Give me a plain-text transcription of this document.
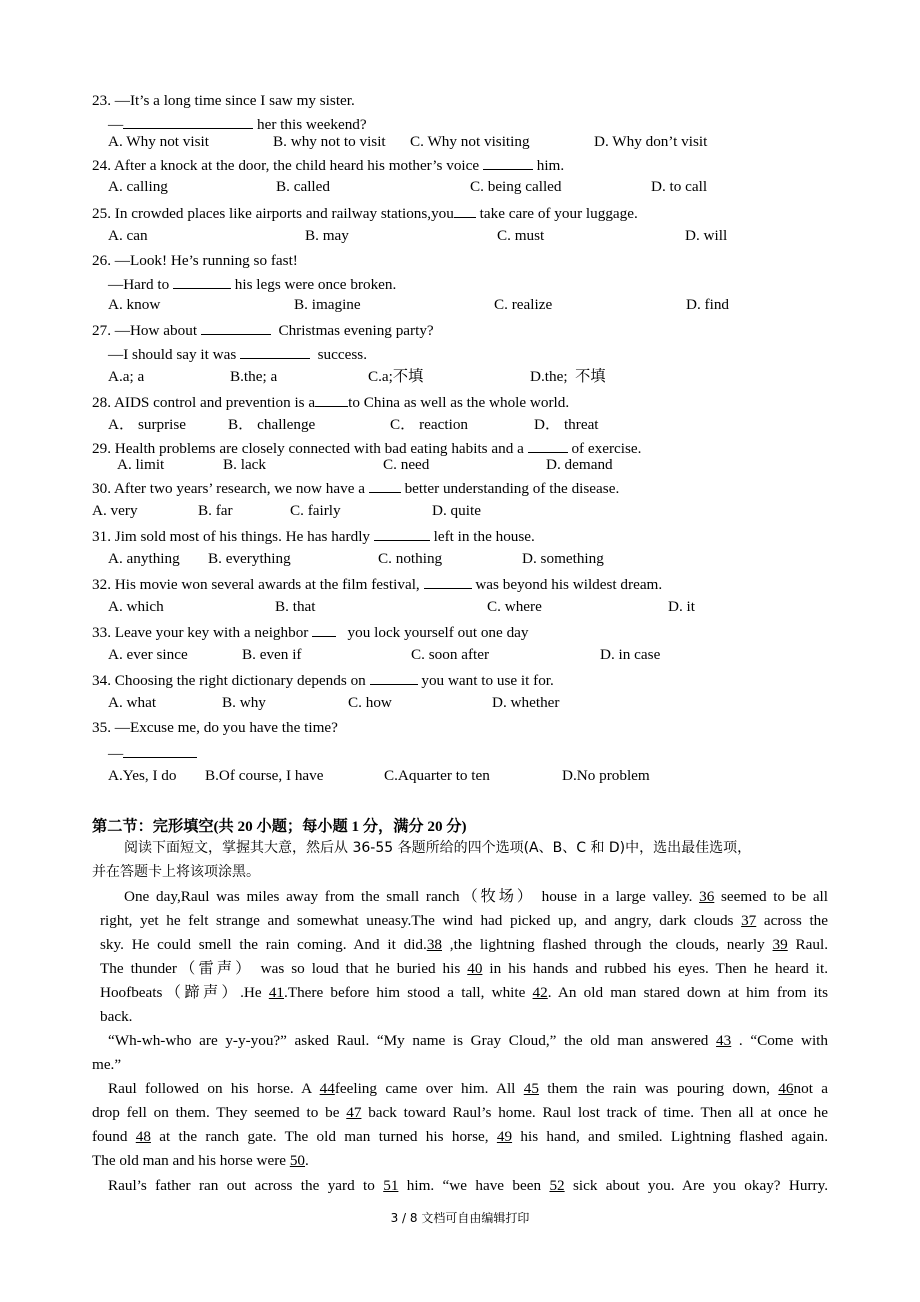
23. —It’s a long time since I saw my sister.
—	her this weekend?
A. Why not visit	B. why not to visit C. Why not visiting	D. Why don’t visit
24. After a knock at the door, the child heard his mother’s voice	him.
A. calling	B. called	C. being called	D. to call
25. In crowded places like airports and railway stations,you take care of your luggage.
A. can	B. may	C. must	D. will
26. —Look! He’s running so fast!
—Hard to	his legs were once broken.
A. know	B. imagine	C. realize	D. find
27. —How about	Christmas evening party?
—I should say it was	success.
A.a; a	B.the; a	C.a;不填	D.the;  不填
28. AIDS control and prevention is a to China as well as the whole world.
A． surprise	B． challenge	C． reaction	D． threat
29. Health problems are closely connected with bad eating habits and a	of exercise.
A. limit	B. lack	C. need	D. demand
30. After two years’ research, we now have a  better understanding of the disease.
A. very	B. far	C. fairly	D. quite
31. Jim sold most of his things. He has hardly	left in the house.
A. anything B. everything	C. nothing	D. something
32. His movie won several awards at the film festival,	was beyond his wildest dream.
A. which	B. that	C. where	D. it
33. Leave your key with a neighbor    you lock yourself out one day
A. ever since	B. even if	C. soon after	D. in case
34. Choosing the right dictionary depends on	you want to use it for.
A. what	B. why	C. how	D. whether
35. —Excuse me, do you have the time?
—
A.Yes, I do B.Of course, I have	C.Aquarter to ten	D.No problem
第二节：完形填空(共 20 小题；每小题 1 分，满分 20 分)
阅读下面短文，掌握其大意，然后从 36-55 各题所给的四个选项(A、B、C 和 D)中，选出最佳选项，
并在答题卡上将该项涂黑。
One day,Raul was miles away from the small ranch（牧场） house in a large valley. 36 seemed to be all
right, yet he felt strange and somewhat uneasy.The wind had picked up, and angry, dark clouds 37 across the
sky. He could smell the rain coming. And it did.38 ,the lightning flashed through the clouds, nearly 39 Raul.
The thunder（雷声） was so loud that he buried his 40 in his hands and rubbed his eyes. Then he heard it.
Hoofbeats（蹄声）.He 41.There before him stood a tall, white 42. An old man stared down at him from its
back.
“Wh-wh-who are y-y-you?” asked Raul. “My name is Gray Cloud,” the old man answered 43 . “Come with
me.”
Raul followed on his horse. A 44feeling came over him. All 45 them the rain was pouring down, 46not a
drop fell on them. They seemed to be 47 back toward Raul’s home. Raul lost track of time. Then all at once he
found 48 at the ranch gate. The old man turned his horse, 49 his hand, and smiled. Lightning flashed again.
The old man and his horse were 50.
Raul’s father ran out across the yard to 51 him. “we have been 52 sick about you. Are you okay? Hurry.
3 / 8 文档可自由编辑打印
